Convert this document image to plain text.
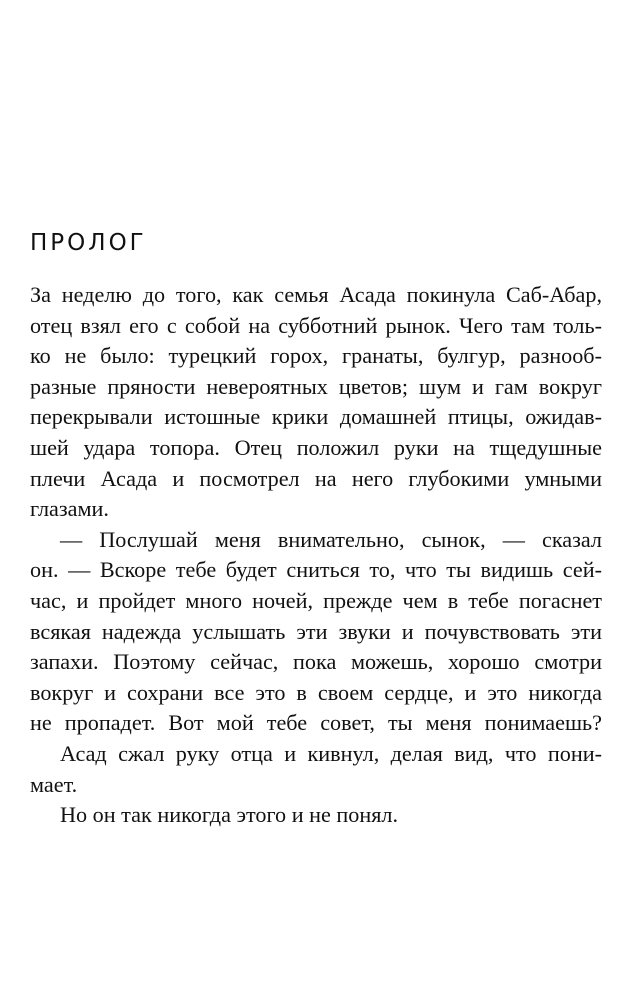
ПРОЛОГ
За неделю до того, как семья Асада покинула Саб-Абар,
отец взял его с собой на субботний рынок. Чего там толь-
ко не было: турецкий горох, гранаты, булгур, разнооб-
разные пряности невероятных цветов; шум и гам вокруг
перекрывали истошные крики домашней птицы, ожидав-
шей удара топора. Отец положил руки на тщедушные
плечи Асада и посмотрел на него глубокими умными
глазами.
— Послушай меня внимательно, сынок, — сказал
он. — Вскоре тебе будет сниться то, что ты видишь сей-
час, и пройдет много ночей, прежде чем в тебе погаснет
всякая надежда услышать эти звуки и почувствовать эти
запахи. Поэтому сейчас, пока можешь, хорошо смотри
вокруг и сохрани все это в своем сердце, и это никогда
не пропадет. Вот мой тебе совет, ты меня понимаешь?
Асад сжал руку отца и кивнул, делая вид, что пони-
мает.
Но он так никогда этого и не понял.
